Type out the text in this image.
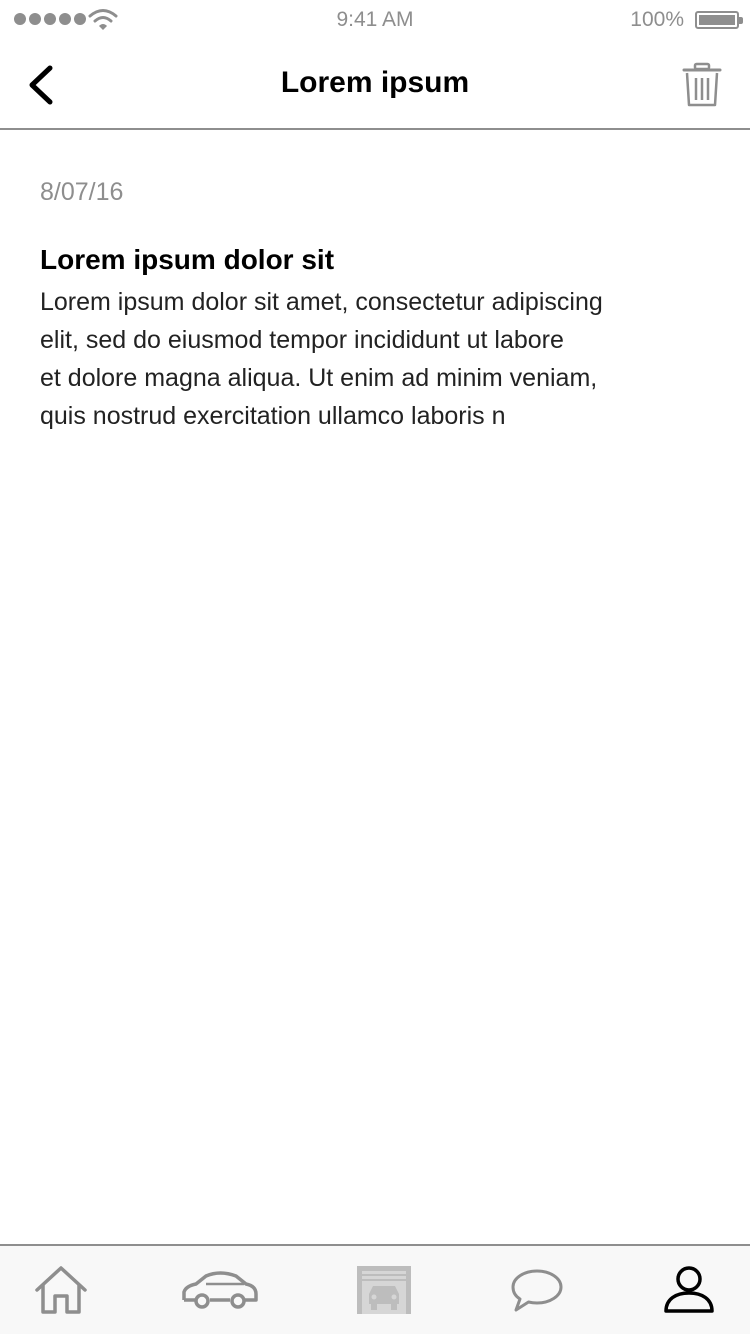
9:41 AM	100%
Lorem ipsum
8/07/16
Lorem ipsum dolor sit
Lorem ipsum dolor sit amet, consectetur adipiscing
elit, sed do eiusmod tempor incididunt ut labore
et dolore magna aliqua. Ut enim ad minim veniam,
quis nostrud exercitation ullamco laboris n
